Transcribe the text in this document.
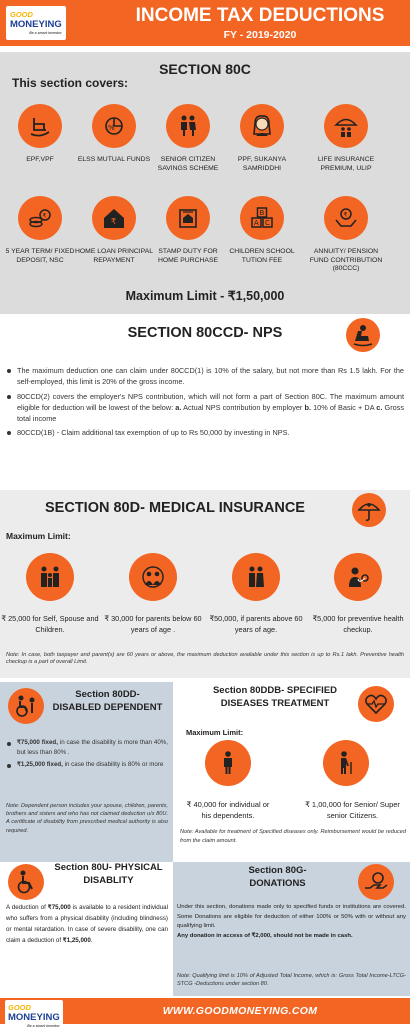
GOOD
MONEYING
Be a smart investor
INCOME TAX DEDUCTIONS
FY - 2019-2020
This section covers:
SECTION 80C
EPF,VPF
%
ELSS MUTUAL FUNDS	SENIOR CITIZEN SAVINGS SCHEME
PPF, SUKANYA SAMRIDDHI
LIFE INSURANCE PREMIUM, ULIP
₹
5 YEAR TERM/ FIXED DEPOSIT, NSC
₹
HOME LOAN PRINCIPAL REPAYMENT
STAMP DUTY FOR HOME PURCHASE
B
A C
CHILDREN SCHOOL TUTION FEE
₹
ANNUITY/ PENSION FUND CONTRIBUTION (80CCC)
Maximum Limit - ₹1,50,000
SECTION 80CCD- NPS
The maximum deduction one can claim under 80CCD(1) is 10% of the salary, but not more than Rs 1.5 lakh. For the self-employed, this limit is 20% of the gross income.
80CCD(2) covers the employer's NPS contribution, which will not form a part of Section 80C. The maximum amount eligible for deduction will be lowest of the below: a. Actual NPS contribution by employer b. 10% of Basic + DA c. Gross total income
80CCD(1B) - Claim additional tax exemption of up to Rs 50,000 by investing in NPS.
SECTION 80D- MEDICAL INSURANCE
Maximum Limit:
₹ 25,000 for Self, Spouse and Children.
₹ 30,000 for parents below 60 years of age .
₹50,000, if parents above 60 years of age.
₹5,000 for preventive health checkup.
Note: In case, both taxpayer and parent(s) are 60 years or above, the maximum deduction available under this section is up to Rs.1 lakh. Preventive health checkup is a part of overall Limit.
Section 80DD- DISABLED DEPENDENT
₹75,000 fixed, in case the disability is more than 40%, but less than 80% .
₹1,25,000 fixed, in case the disability is 80% or more
Note: Dependent person includes your spouse, children, parents, brothers and sisters and who has not claimed deduction u/s 80U. A certificate of disability from prescribed medical authority is also required.
Section 80DDB- SPECIFIED DISEASES TREATMENT
Maximum Limit:
₹ 40,000 for individual or his dependents.
₹ 1,00,000 for Senior/ Super senior Citizens.
Note: Available for treatment of Specified diseases only. Reimbursement would be reduced from the claim amount.
Section 80U- PHYSICAL DISABLITY
A deduction of ₹75,000 is available to a resident individual who suffers from a physical disability (including blindness) or mental retardation. In case of severe disability, one can claim a deduction of ₹1,25,000.
Section 80G- DONATIONS
Under this section, donations made only to specified funds or institutions are covered. Some Donations are eligible for deduction of either 100% or 50% with or without any qualifying limit.
Any donation in access of ₹2,000, should not be made in cash.
Note: Qualifying limit is 10% of Adjusted Total Income, which is: Gross Total Income-LTCG-STCG -Deductions under section 80.
GOOD
MONEYING
Be a smart investor
WWW.GOODMONEYING.COM
